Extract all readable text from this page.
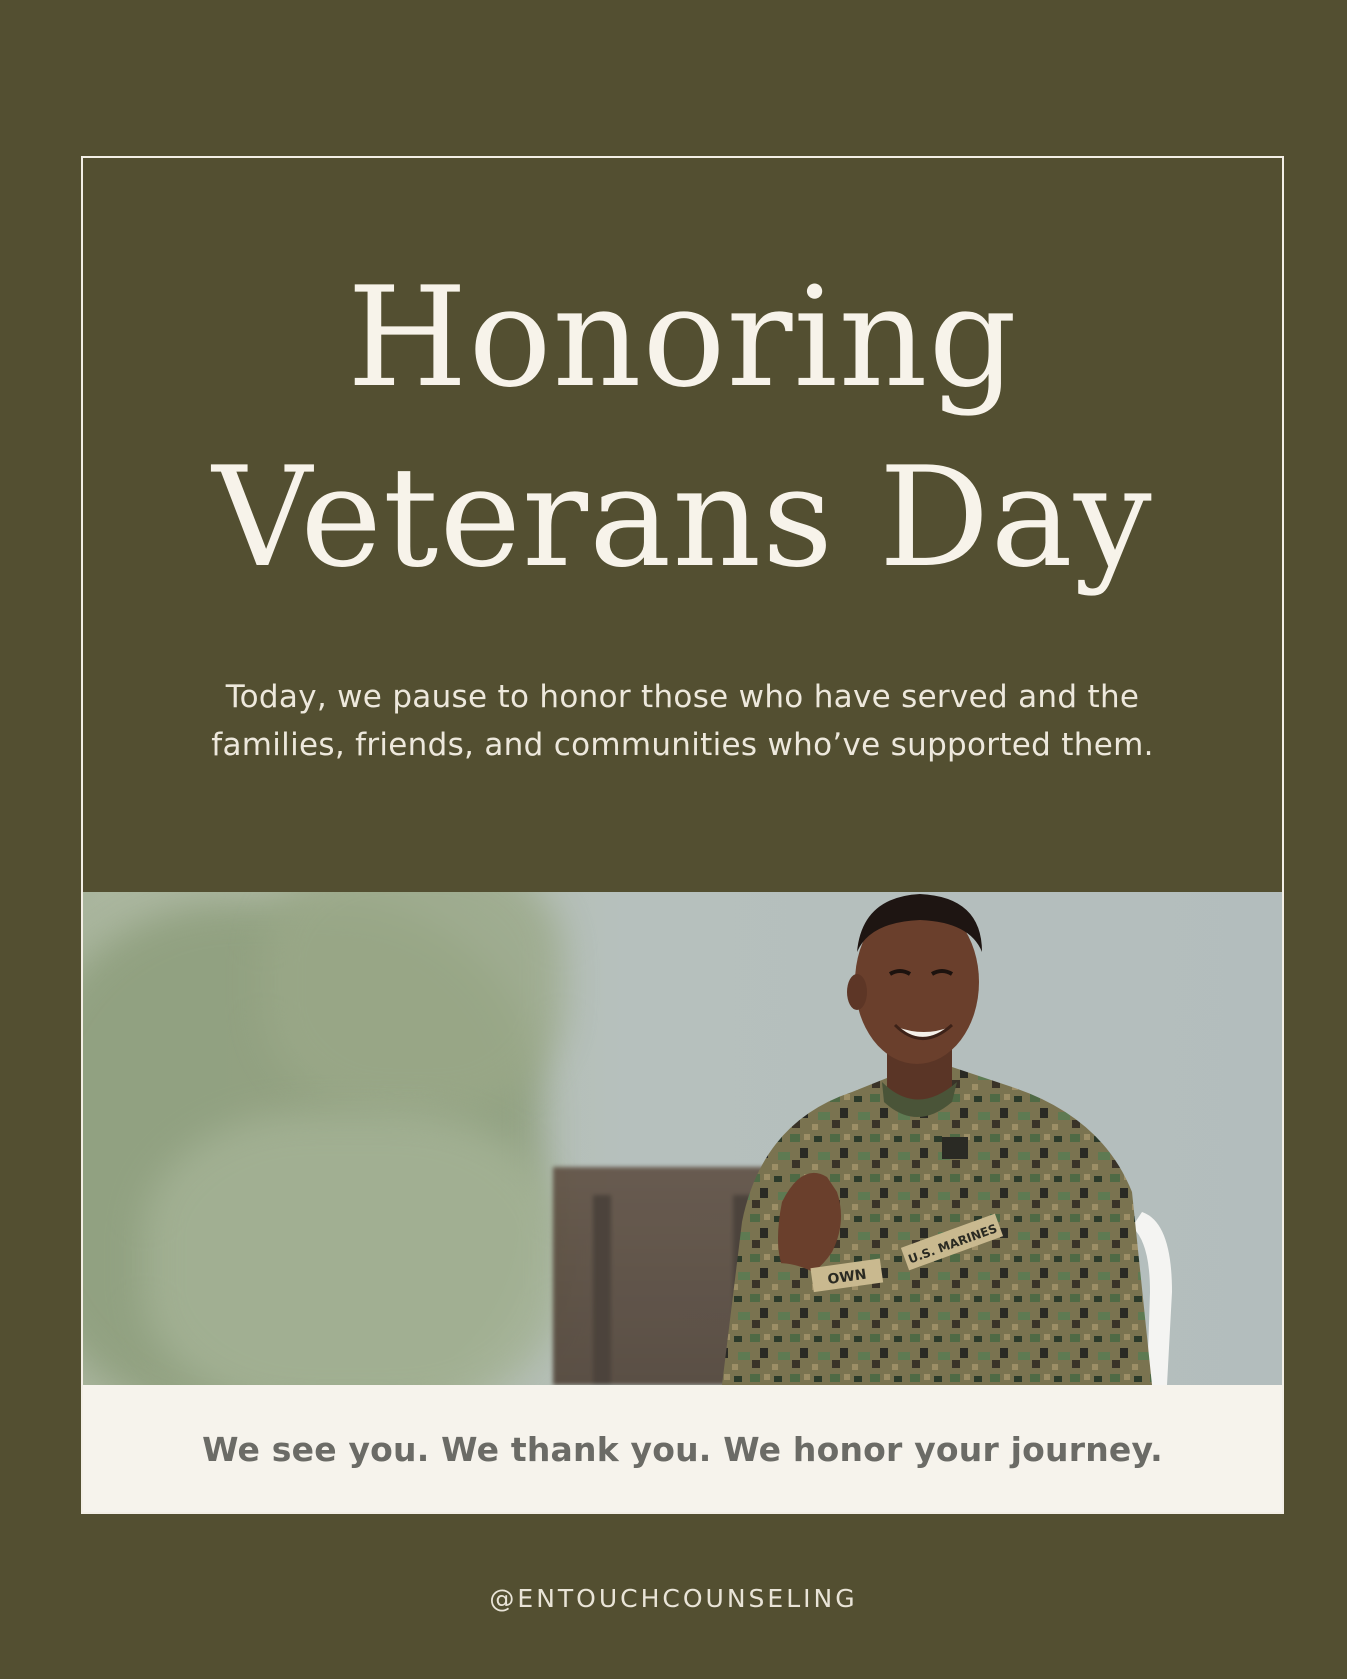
Honoring
Veterans Day
Today, we pause to honor those who have served and the
families, friends, and communities who’ve supported them.
OWN
U.S. MARINES
We see you. We thank you. We honor your journey.
@ENTOUCHCOUNSELING
